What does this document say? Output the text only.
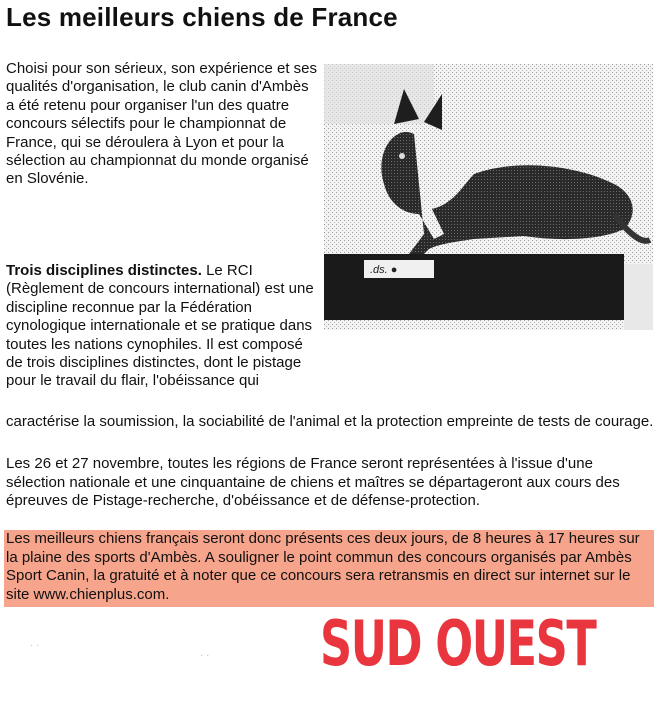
Les meilleurs chiens de France

Choisi pour son sérieux, son expérience et ses qualités d'organisation, le club canin d'Ambès a été retenu pour organiser l'un des quatre concours sélectifs pour le championnat de France, qui se déroulera à Lyon et pour la sélection au championnat du monde organisé en Slovénie.

Trois disciplines distinctes. Le RCI (Règlement de concours international) est une discipline reconnue par la Fédération cynologique internationale et se pratique dans toutes les nations cynophiles. Il est composé de trois disciplines distinctes, dont le pistage pour le travail du flair, l'obéissance qui

caractérise la soumission, la sociabilité de l'animal et la protection empreinte de tests de courage.

Les 26 et 27 novembre, toutes les régions de France seront représentées à l'issue d'une sélection nationale et une cinquantaine de chiens et maîtres se départageront aux cours des épreuves de Pistage-recherche, d'obéissance et de défense-protection.

Les meilleurs chiens français seront donc présents ces deux jours, de 8 heures à 17 heures sur la plaine des sports d'Ambès. A souligner le point commun des concours organisés par Ambès Sport Canin, la gratuité et à noter que ce concours sera retransmis en direct sur internet sur le site www.chienplus.com.

.ds. ●
SUD OUEST
· ·
· ·
